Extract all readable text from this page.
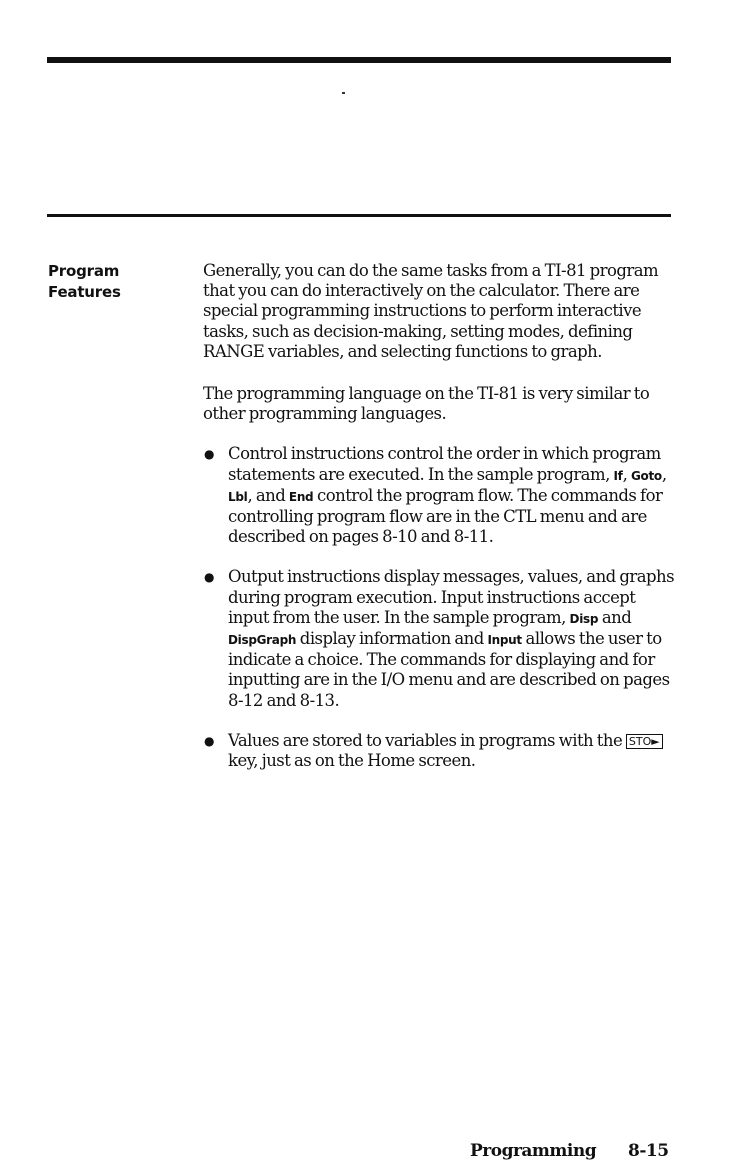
Program
Features

Generally, you can do the same tasks from a TI-81 program that you can do interactively on the calculator. There are special programming instructions to perform interactive tasks, such as decision-making, setting modes, defining RANGE variables, and selecting functions to graph.

The programming language on the TI-81 is very similar to other programming languages.

● Control instructions control the order in which program statements are executed. In the sample program, If, Goto, Lbl, and End control the program flow. The commands for controlling program flow are in the CTL menu and are described on pages 8-10 and 8-11.
● Output instructions display messages, values, and graphs during program execution. Input instructions accept input from the user. In the sample program, Disp and DispGraph display information and Input allows the user to indicate a choice. The commands for displaying and for inputting are in the I/O menu and are described on pages 8-12 and 8-13.
● Values are stored to variables in programs with the STO► key, just as on the Home screen.
Programming 8-15
